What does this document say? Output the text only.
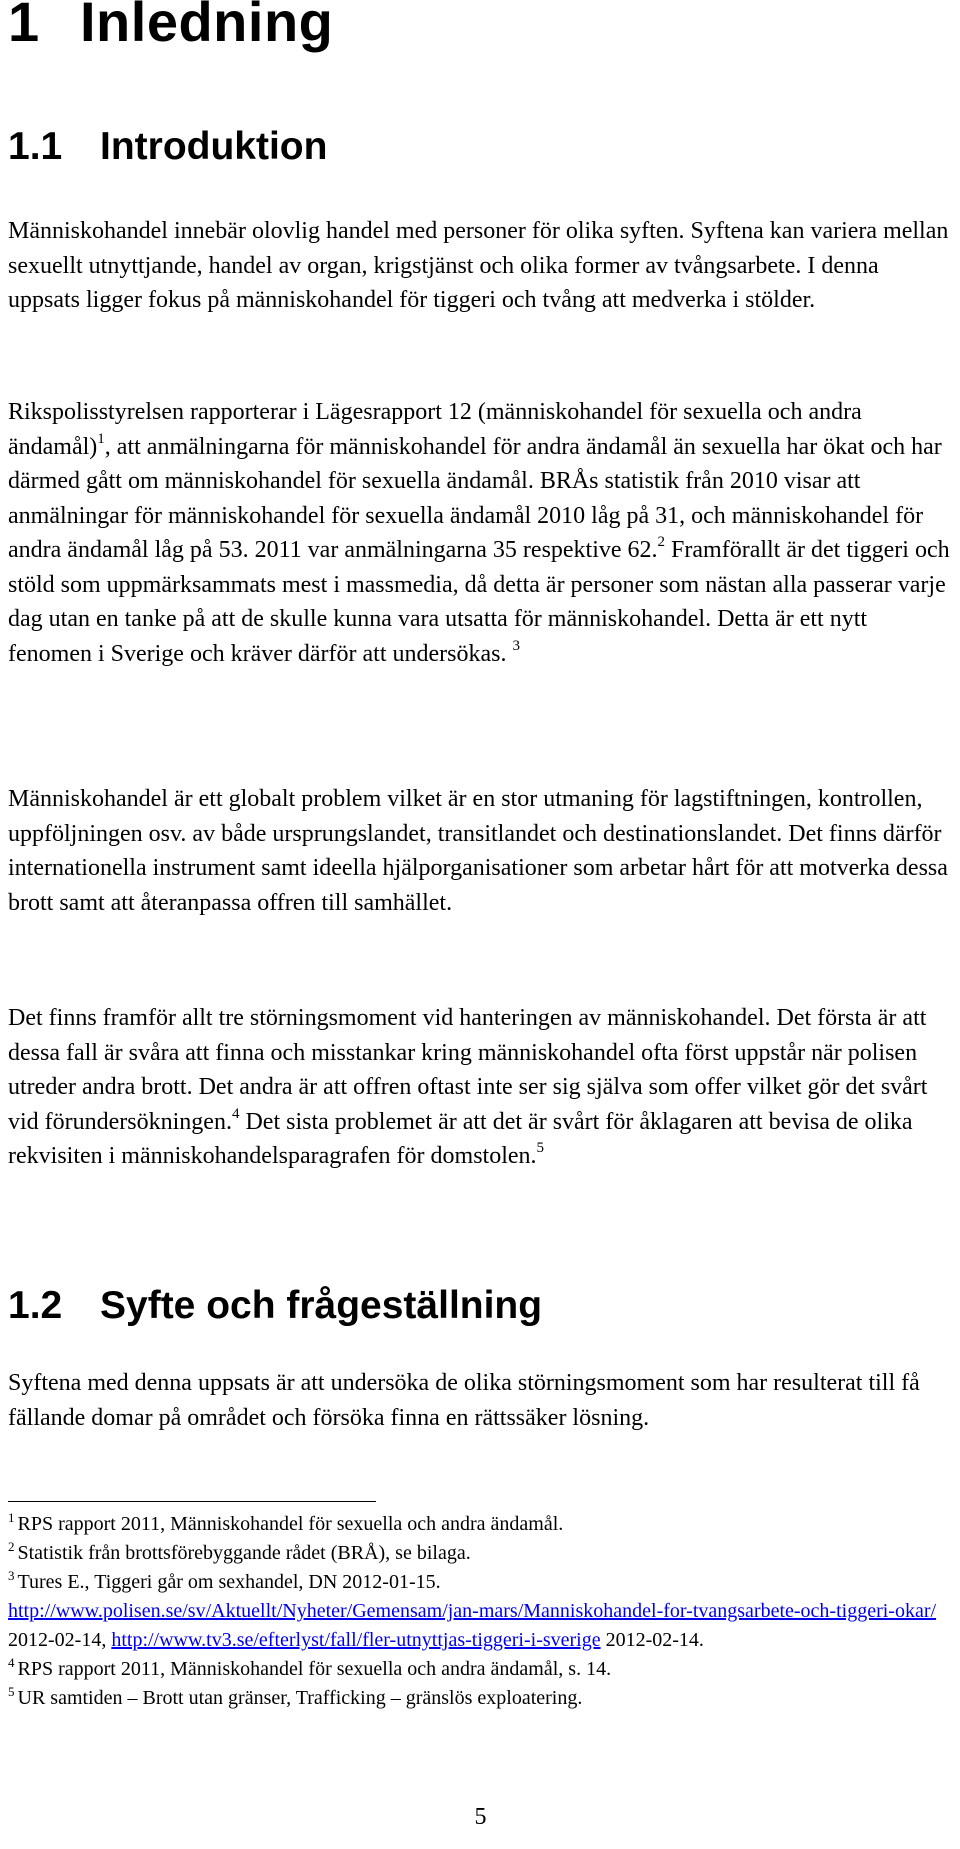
1 Inledning
1.1 Introduktion

Människohandel innebär olovlig handel med personer för olika syften. Syftena kan variera mellan sexuellt utnyttjande, handel av organ, krigstjänst och olika former av tvångsarbete. I denna uppsats ligger fokus på människohandel för tiggeri och tvång att medverka i stölder.

Rikspolisstyrelsen rapporterar i Lägesrapport 12 (människohandel för sexuella och andra ändamål)$^1$, att anmälningarna för människohandel för andra ändamål än sexuella har ökat och har därmed gått om människohandel för sexuella ändamål. BRÅs statistik från 2010 visar att anmälningar för människohandel för sexuella ändamål 2010 låg på 31, och människohandel för andra ändamål låg på 53. 2011 var anmälningarna 35 respektive 62.$^2$ Framförallt är det tiggeri och stöld som uppmärksammats mest i massmedia, då detta är personer som nästan alla passerar varje dag utan en tanke på att de skulle kunna vara utsatta för människohandel. Detta är ett nytt fenomen i Sverige och kräver därför att undersökas. $^3$

Människohandel är ett globalt problem vilket är en stor utmaning för lagstiftningen, kontrollen, uppföljningen osv. av både ursprungslandet, transitlandet och destinationslandet. Det finns därför internationella instrument samt ideella hjälporganisationer som arbetar hårt för att motverka dessa brott samt att återanpassa offren till samhället.

Det finns framför allt tre störningsmoment vid hanteringen av människohandel. Det första är att dessa fall är svåra att finna och misstankar kring människohandel ofta först uppstår när polisen utreder andra brott. Det andra är att offren oftast inte ser sig själva som offer vilket gör det svårt vid förundersökningen.$^4$ Det sista problemet är att det är svårt för åklagaren att bevisa de olika rekvisiten i människohandelsparagrafen för domstolen.$^5$

1.2 Syfte och frågeställning

Syftena med denna uppsats är att undersöka de olika störningsmoment som har resulterat till få fällande domar på området och försöka finna en rättssäker lösning.

$^1$ RPS rapport 2011, Människohandel för sexuella och andra ändamål.

$^2$ Statistik från brottsförebyggande rådet (BRÅ), se bilaga.

$^3$ Tures E., Tiggeri går om sexhandel, DN 2012-01-15.
http://www.polisen.se/sv/Aktuellt/Nyheter/Gemensam/jan-mars/Manniskohandel-for-tvangsarbete-och-tiggeri-okar/ 2012-02-14, http://www.tv3.se/efterlyst/fall/fler-utnyttjas-tiggeri-i-sverige 2012-02-14.

$^4$ RPS rapport 2011, Människohandel för sexuella och andra ändamål, s. 14.

$^5$ UR samtiden – Brott utan gränser, Trafficking – gränslös exploatering.

5
